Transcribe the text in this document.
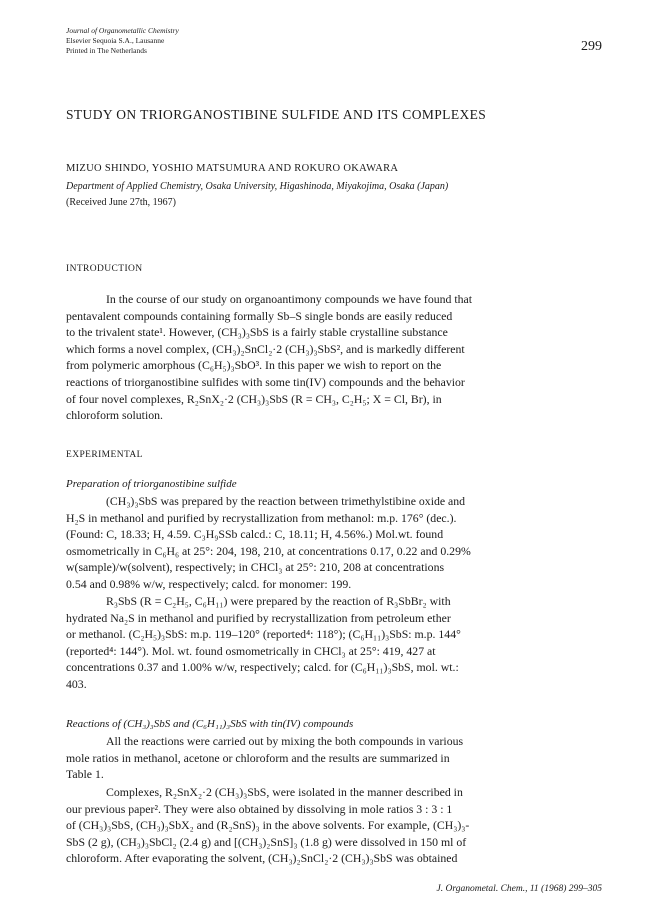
Journal of Organometallic Chemistry
Elsevier Sequoia S.A., Lausanne
Printed in The Netherlands	299
STUDY ON TRIORGANOSTIBINE SULFIDE AND ITS COMPLEXES
MIZUO SHINDO, YOSHIO MATSUMURA AND ROKURO OKAWARA
Department of Applied Chemistry, Osaka University, Higashinoda, Miyakojima, Osaka (Japan)
(Received June 27th, 1967)
INTRODUCTION
In the course of our study on organoantimony compounds we have found that
pentavalent compounds containing formally Sb–S single bonds are easily reduced
to the trivalent state¹. However, (CH₃)₃SbS is a fairly stable crystalline substance
which forms a novel complex, (CH₃)₂SnCl₂·2 (CH₃)₃SbS², and is markedly different
from polymeric amorphous (C₆H₅)₃SbO³. In this paper we wish to report on the
reactions of triorganostibine sulfides with some tin(IV) compounds and the behavior
of four novel complexes, R₂SnX₂·2 (CH₃)₃SbS (R = CH₃, C₂H₅; X = Cl, Br), in
chloroform solution.
EXPERIMENTAL
Preparation of triorganostibine sulfide
(CH₃)₃SbS was prepared by the reaction between trimethylstibine oxide and
H₂S in methanol and purified by recrystallization from methanol: m.p. 176° (dec.).
(Found: C, 18.33; H, 4.59. C₃H₉SSb calcd.: C, 18.11; H, 4.56%.) Mol.wt. found
osmometrically in C₆H₆ at 25°: 204, 198, 210, at concentrations 0.17, 0.22 and 0.29%
w(sample)/w(solvent), respectively; in CHCl₃ at 25°: 210, 208 at concentrations
0.54 and 0.98% w/w, respectively; calcd. for monomer: 199.
R₃SbS (R = C₂H₅, C₆H₁₁) were prepared by the reaction of R₃SbBr₂ with
hydrated Na₂S in methanol and purified by recrystallization from petroleum ether
or methanol. (C₂H₅)₃SbS: m.p. 119–120° (reported⁴: 118°); (C₆H₁₁)₃SbS: m.p. 144°
(reported⁴: 144°). Mol. wt. found osmometrically in CHCl₃ at 25°: 419, 427 at
concentrations 0.37 and 1.00% w/w, respectively; calcd. for (C₆H₁₁)₃SbS, mol. wt.:
403.
Reactions of (CH₃)₃SbS and (C₆H₁₁)₃SbS with tin(IV) compounds
All the reactions were carried out by mixing the both compounds in various
mole ratios in methanol, acetone or chloroform and the results are summarized in
Table 1.
Complexes, R₂SnX₂·2 (CH₃)₃SbS, were isolated in the manner described in
our previous paper². They were also obtained by dissolving in mole ratios 3 : 3 : 1
of (CH₃)₃SbS, (CH₃)₃SbX₂ and (R₂SnS)₃ in the above solvents. For example, (CH₃)₃-
SbS (2 g), (CH₃)₃SbCl₂ (2.4 g) and [(CH₃)₂SnS]₃ (1.8 g) were dissolved in 150 ml of
chloroform. After evaporating the solvent, (CH₃)₂SnCl₂·2 (CH₃)₃SbS was obtained
J. Organometal. Chem., 11 (1968) 299–305
